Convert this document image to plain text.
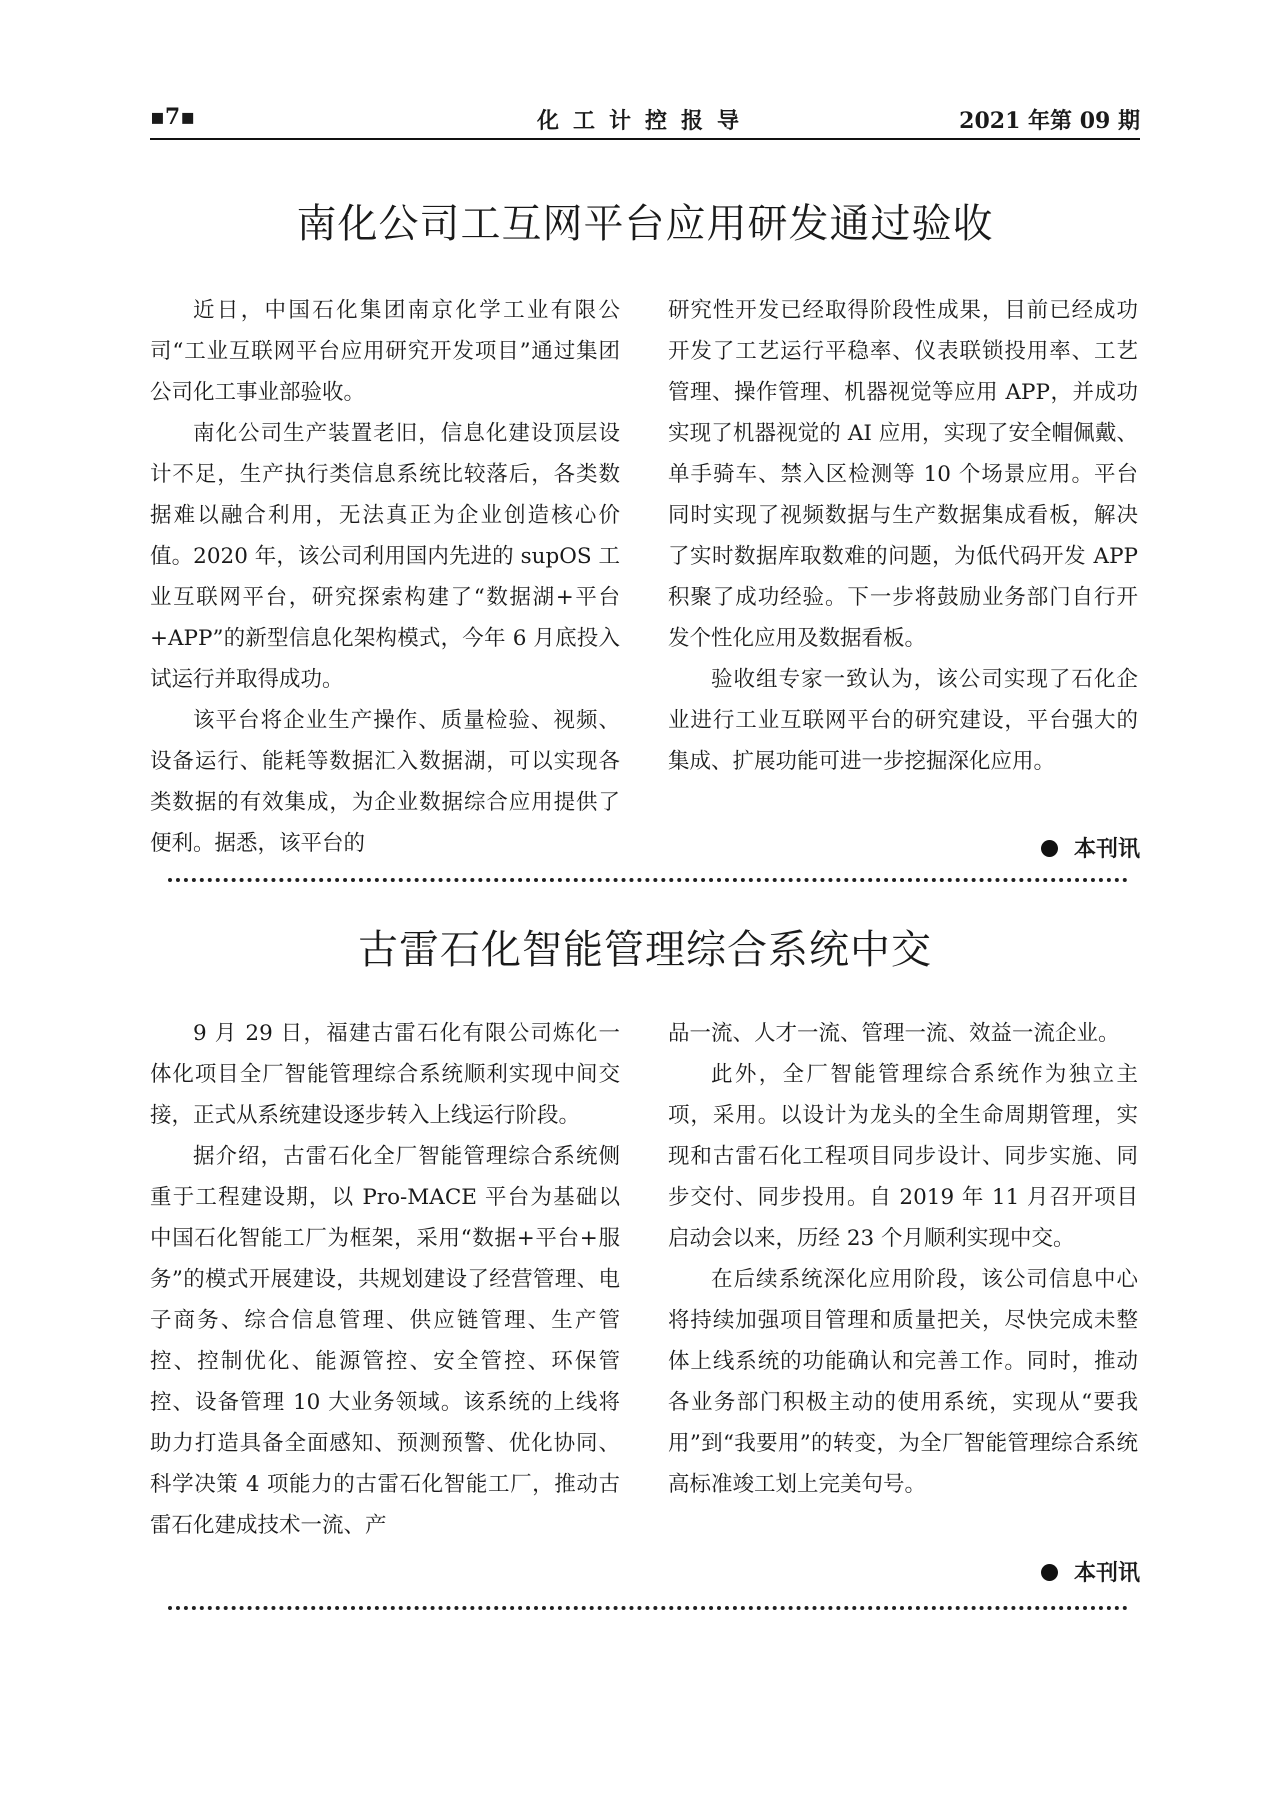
▪7▪	化工计控报导	2021 年第 09 期
南化公司工互网平台应用研发通过验收

近日，中国石化集团南京化学工业有限公司“工业互联网平台应用研究开发项目”通过集团公司化工事业部验收。

南化公司生产装置老旧，信息化建设顶层设计不足，生产执行类信息系统比较落后，各类数据难以融合利用，无法真正为企业创造核心价值。2020 年，该公司利用国内先进的 supOS 工业互联网平台，研究探索构建了“数据湖+平台+APP”的新型信息化架构模式，今年 6 月底投入试运行并取得成功。

该平台将企业生产操作、质量检验、视频、设备运行、能耗等数据汇入数据湖，可以实现各类数据的有效集成，为企业数据综合应用提供了便利。据悉，该平台的

研究性开发已经取得阶段性成果，目前已经成功开发了工艺运行平稳率、仪表联锁投用率、工艺管理、操作管理、机器视觉等应用 APP，并成功实现了机器视觉的 AI 应用，实现了安全帽佩戴、单手骑车、禁入区检测等 10 个场景应用。平台同时实现了视频数据与生产数据集成看板，解决了实时数据库取数难的问题，为低代码开发 APP 积聚了成功经验。下一步将鼓励业务部门自行开发个性化应用及数据看板。

验收组专家一致认为，该公司实现了石化企业进行工业互联网平台的研究建设，平台强大的集成、扩展功能可进一步挖掘深化应用。

本刊讯
古雷石化智能管理综合系统中交

9 月 29 日，福建古雷石化有限公司炼化一体化项目全厂智能管理综合系统顺利实现中间交接，正式从系统建设逐步转入上线运行阶段。

据介绍，古雷石化全厂智能管理综合系统侧重于工程建设期，以 Pro-MACE 平台为基础以中国石化智能工厂为框架，采用“数据+平台+服务”的模式开展建设，共规划建设了经营管理、电子商务、综合信息管理、供应链管理、生产管控、控制优化、能源管控、安全管控、环保管控、设备管理 10 大业务领域。该系统的上线将助力打造具备全面感知、预测预警、优化协同、科学决策 4 项能力的古雷石化智能工厂，推动古雷石化建成技术一流、产

品一流、人才一流、管理一流、效益一流企业。

此外，全厂智能管理综合系统作为独立主项，采用。以设计为龙头的全生命周期管理，实现和古雷石化工程项目同步设计、同步实施、同步交付、同步投用。自 2019 年 11 月召开项目启动会以来，历经 23 个月顺利实现中交。

在后续系统深化应用阶段，该公司信息中心将持续加强项目管理和质量把关，尽快完成未整体上线系统的功能确认和完善工作。同时，推动各业务部门积极主动的使用系统，实现从“要我用”到“我要用”的转变，为全厂智能管理综合系统高标准竣工划上完美句号。

本刊讯
